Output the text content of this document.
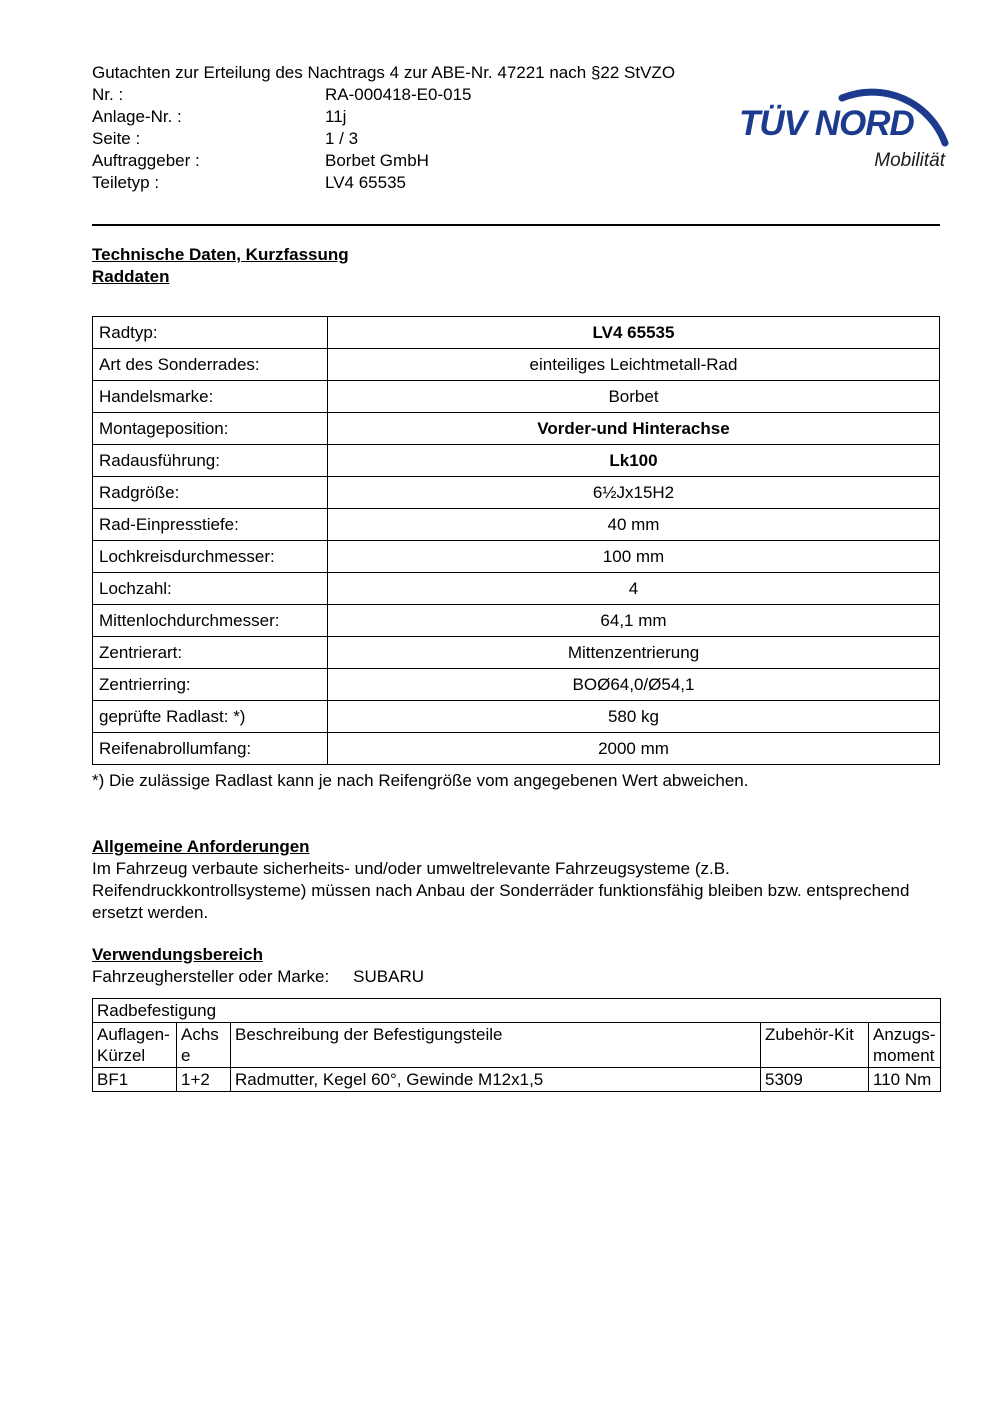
TÜV NORD
Mobilität
Gutachten zur Erteilung des Nachtrags 4 zur ABE-Nr. 47221 nach §22 StVZO
Nr. :	RA-000418-E0-015
Anlage-Nr. :	11j
Seite :	1 / 3
Auftraggeber :	Borbet GmbH
Teiletyp :	LV4 65535
Technische Daten, Kurzfassung
Raddaten
Radtyp:	LV4 65535
Art des Sonderrades:	einteiliges Leichtmetall-Rad
Handelsmarke:	Borbet
Montageposition:	Vorder-und Hinterachse
Radausführung:	Lk100
Radgröße:	6½Jx15H2
Rad-Einpresstiefe:	40 mm
Lochkreisdurchmesser:	100 mm
Lochzahl:	4
Mittenlochdurchmesser:	64,1 mm
Zentrierart:	Mittenzentrierung
Zentrierring:	BOØ64,0/Ø54,1
geprüfte Radlast: *)	580 kg
Reifenabrollumfang:	2000 mm
*) Die zulässige Radlast kann je nach Reifengröße vom angegebenen Wert abweichen.
Allgemeine Anforderungen
Im Fahrzeug verbaute sicherheits- und/oder umweltrelevante Fahrzeugsysteme (z.B. Reifendruckkontrollsysteme) müssen nach Anbau der Sonderräder funktionsfähig bleiben bzw. entsprechend ersetzt werden.
Verwendungsbereich
Fahrzeughersteller oder Marke: SUBARU
Radbefestigung				
Auflagen-Kürzel	Achse	Beschreibung der Befestigungsteile	Zubehör-Kit	Anzugs-moment
BF1	1+2	Radmutter, Kegel 60°, Gewinde M12x1,5	5309	110 Nm
